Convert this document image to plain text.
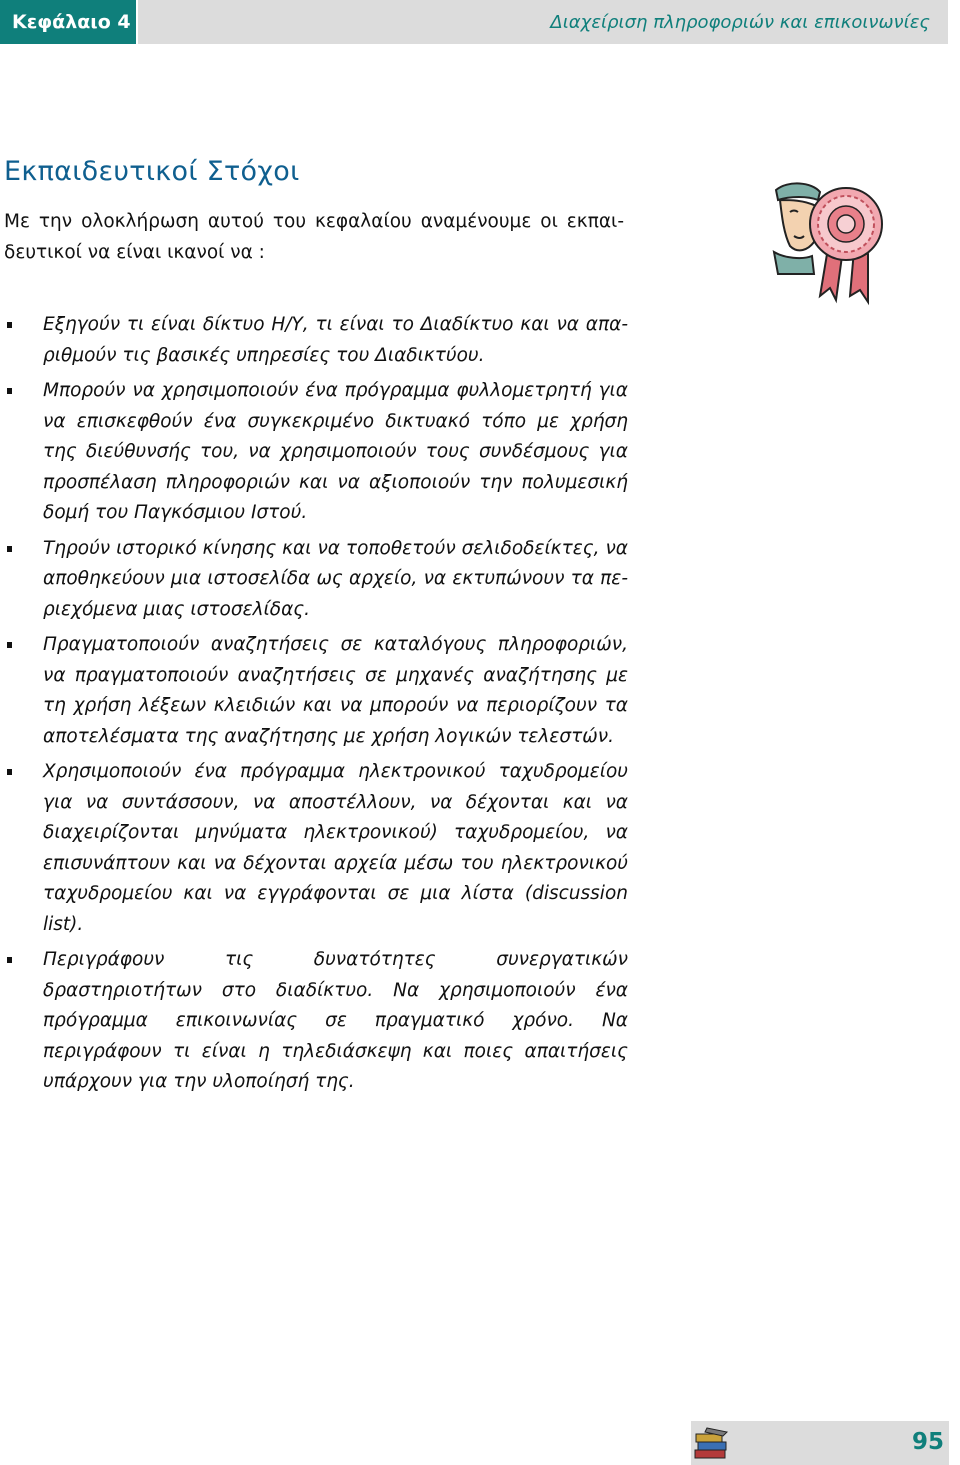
Κεφάλαιο 4	Διαχείριση πληροφοριών και επικοινωνίες
Εκπαιδευτικοί Στόχοι

Με την ολοκλήρωση αυτού του κεφαλαίου αναμένουμε οι εκπαιδευτικοί να είναι ικανοί να :

Εξηγούν τι είναι δίκτυο Η/Υ, τι είναι το Διαδίκτυο και να απαριθμούν τις βασικές υπηρεσίες του Διαδικτύου.
Μπορούν να χρησιμοποιούν ένα πρόγραμμα φυλλομετρητή για να επισκεφθούν ένα συγκεκριμένο δικτυακό τόπο με χρήση της διεύθυνσής του, να χρησιμοποιούν τους συνδέσμους για προσπέλαση πληροφοριών και να αξιοποιούν την πολυμεσική δομή του Παγκόσμιου Ιστού.
Τηρούν ιστορικό κίνησης και να τοποθετούν σελιδοδείκτες, να αποθηκεύουν μια ιστοσελίδα ως αρχείο, να εκτυπώνουν τα περιεχόμενα μιας ιστοσελίδας.
Πραγματοποιούν αναζητήσεις σε καταλόγους πληροφοριών, να πραγματοποιούν αναζητήσεις σε μηχανές αναζήτησης με τη χρήση λέξεων κλειδιών και να μπορούν να περιορίζουν τα αποτελέσματα της αναζήτησης με χρήση λογικών τελεστών.
Χρησιμοποιούν ένα πρόγραμμα ηλεκτρονικού ταχυδρομείου για να συντάσσουν, να αποστέλλουν, να δέχονται και να διαχειρίζονται μηνύματα ηλεκτρονικού) ταχυδρομείου, να επισυνάπτουν και να δέχονται αρχεία μέσω του ηλεκτρονικού ταχυδρομείου και να εγγράφονται σε μια λίστα (discussion list).
Περιγράφουν τις δυνατότητες συνεργατικών δραστηριοτήτων στο διαδίκτυο. Να χρησιμοποιούν ένα πρόγραμμα επικοινωνίας σε πραγματικό χρόνο. Να περιγράφουν τι είναι η τηλεδιάσκεψη και ποιες απαιτήσεις υπάρχουν για την υλοποίησή της.
95
